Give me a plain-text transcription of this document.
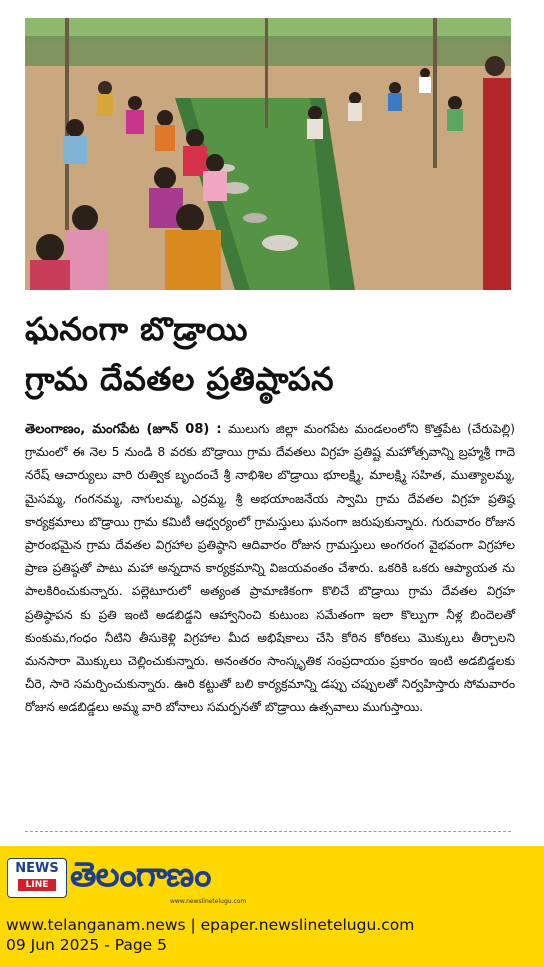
ఘనంగా బొడ్రాయి
గ్రామ దేవతల ప్రతిష్ఠాపన
తెలంగాణం, మంగపేట (జూన్ 08) : ములుగు జిల్లా మంగపేట మండలంలోని కొత్తపేట (చేరుపెల్లి) గ్రామంలో ఈ నెల 5 నుండి 8 వరకు బొడ్రాయి గ్రామ దేవతలు విగ్రహ ప్రతిష్ట మహోత్సవాన్ని బ్రహ్మశ్రీ గాదె నరేష్ ఆచార్యులు వారి రుత్విక బృందంచే శ్రీ నాభిశిల బొడ్రాయి భూలక్ష్మి, మాలక్ష్మి సహిత, ముత్యాలమ్మ, మైసమ్మ, గంగనమ్మ, నాగులమ్మ, ఎర్రమ్మ, శ్రీ అభయాంజనేయ స్వామి గ్రామ దేవతల విగ్రహ ప్రతిష్ఠ కార్యక్రమాలు బొడ్రాయి గ్రామ కమిటీ ఆధ్వర్యంలో గ్రామస్తులు ఘనంగా జరుపుకున్నారు. గురువారం రోజున ప్రారంభమైన గ్రామ దేవతల విగ్రహాల ప్రతిష్ఠాని ఆదివారం రోజున గ్రామస్తులు అంగరంగ వైభవంగా విగ్రహాల ప్రాణ ప్రతిష్ఠతో పాటు మహా అన్నదాన కార్యక్రమాన్ని విజయవంతం చేశారు. ఒకరికి ఒకరు ఆప్యాయత ను పాలకిరించుకున్నారు. పల్లెటూరులో అత్యంత ప్రామాణికంగా కొలిచే బొడ్రాయి గ్రామ దేవతల విగ్రహ ప్రతిష్ఠాపన కు ప్రతి ఇంటి అడబిడ్డని ఆహ్వానించి కుటుంబ సమేతంగా ఇలా కొల్పుగా నీళ్ల బిందెలతో కుంకుమ,గంధం నీటిని తీసుకెళ్లి విగ్రహాల మీద అభిషేకాలు చేసి కోరిన కోరికలు మొక్కులు తీర్చాలని మనసారా మొక్కులు చెల్లించుకున్నారు. అనంతరం సాంస్కృతిక సంప్రదాయం ప్రకారం ఇంటి అడబిడ్డలకు చీరె, సారె సమర్పించుకున్నారు. ఊరి కట్టుతో బలి కార్యక్రమాన్ని డప్పు చప్పులతో నిర్వహిస్తారు సోమవారం రోజున అడబిడ్డలు అమ్మ వారి బోనాలు సమర్పనతో బొడ్రాయి ఉత్సవాలు ముగుస్తాయి.
NEWS
LINE తెలంగాణం
www.newslinetelugu.com
www.telanganam.news | epaper.newslinetelugu.com
09 Jun 2025 - Page 5
